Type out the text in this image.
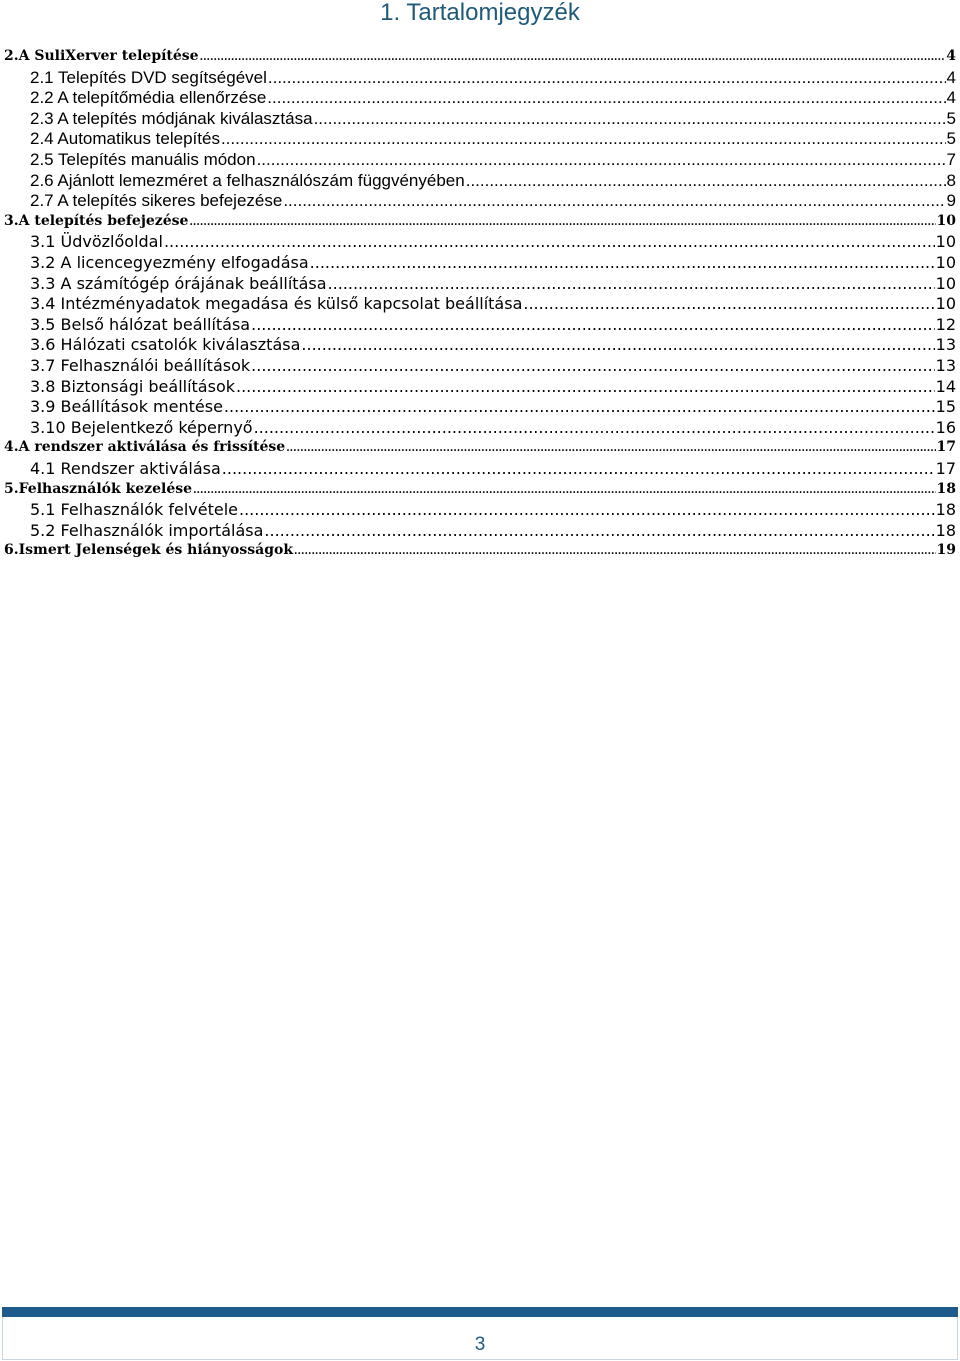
1. Tartalomjegyzék
2.A SuliXerver telepítése .....	4
2.1 Telepítés DVD segítségével .....	4
2.2 A telepítőmédia ellenőrzése .....	4
2.3 A telepítés módjának kiválasztása .....	5
2.4 Automatikus telepítés .....	5
2.5 Telepítés manuális módon .....	7
2.6 Ajánlott lemezméret a felhasználószám függvényében .....	8
2.7 A telepítés sikeres befejezése .....	9
3.A telepítés befejezése .....	10
3.1 Üdvözlőoldal .....	10
3.2 A licencegyezmény elfogadása .....	10
3.3 A számítógép órájának beállítása .....	10
3.4 Intézményadatok megadása és külső kapcsolat beállítása .....	10
3.5 Belső hálózat beállítása .....	12
3.6 Hálózati csatolók kiválasztása .....	13
3.7 Felhasználói beállítások .....	13
3.8 Biztonsági beállítások .....	14
3.9 Beállítások mentése .....	15
3.10 Bejelentkező képernyő .....	16
4.A rendszer aktiválása és frissítése .....	17
4.1 Rendszer aktiválása .....	17
5.Felhasználók kezelése .....	18
5.1 Felhasználók felvétele .....	18
5.2 Felhasználók importálása .....	18
6.Ismert Jelenségek és hiányosságok .....	19
3
